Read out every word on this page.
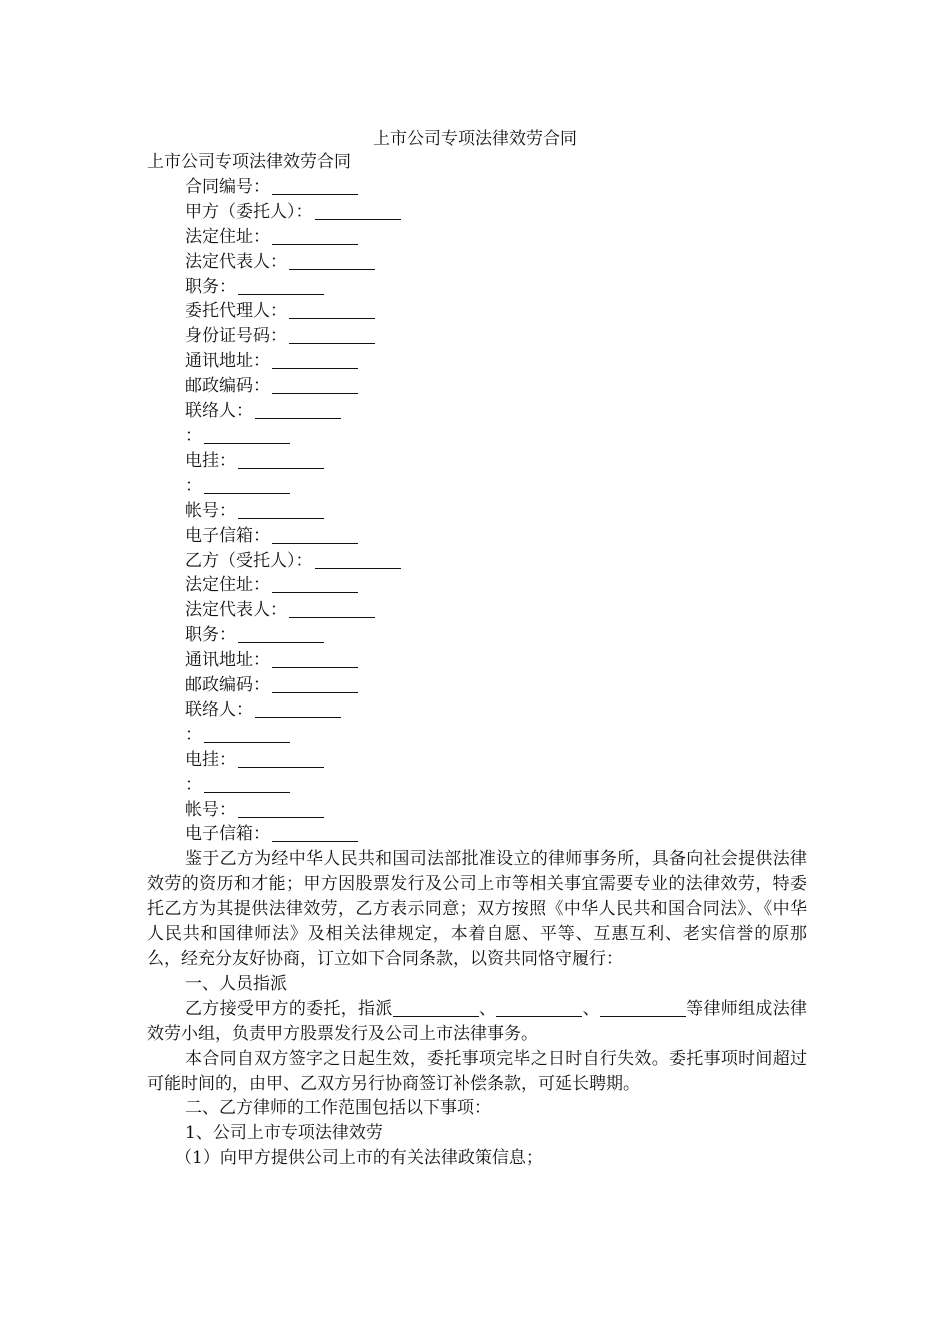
上市公司专项法律效劳合同
上市公司专项法律效劳合同
合同编号：
甲方（委托人）：
法定住址：
法定代表人：
职务：
委托代理人：
身份证号码：
通讯地址：
邮政编码：
联络人：
：
电挂：
：
帐号：
电子信箱：
乙方（受托人）：
法定住址：
法定代表人：
职务：
通讯地址：
邮政编码：
联络人：
：
电挂：
：
帐号：
电子信箱：
鉴于乙方为经中华人民共和国司法部批准设立的律师事务所，具备向社会提供法律效劳的资历和才能；甲方因股票发行及公司上市等相关事宜需要专业的法律效劳，特委托乙方为其提供法律效劳，乙方表示同意；双方按照《中华人民共和国合同法》、《中华人民共和国律师法》及相关法律规定，本着自愿、平等、互惠互利、老实信誉的原那么，经充分友好协商，订立如下合同条款，以资共同恪守履行：
一、人员指派
乙方接受甲方的委托，指派	、	、	等律师组成法律效劳小组，负责甲方股票发行及公司上市法律事务。
本合同自双方签字之日起生效，委托事项完毕之日时自行失效。委托事项时间超过可能时间的，由甲、乙双方另行协商签订补偿条款，可延长聘期。
二、乙方律师的工作范围包括以下事项：
1、公司上市专项法律效劳
（1）向甲方提供公司上市的有关法律政策信息；
